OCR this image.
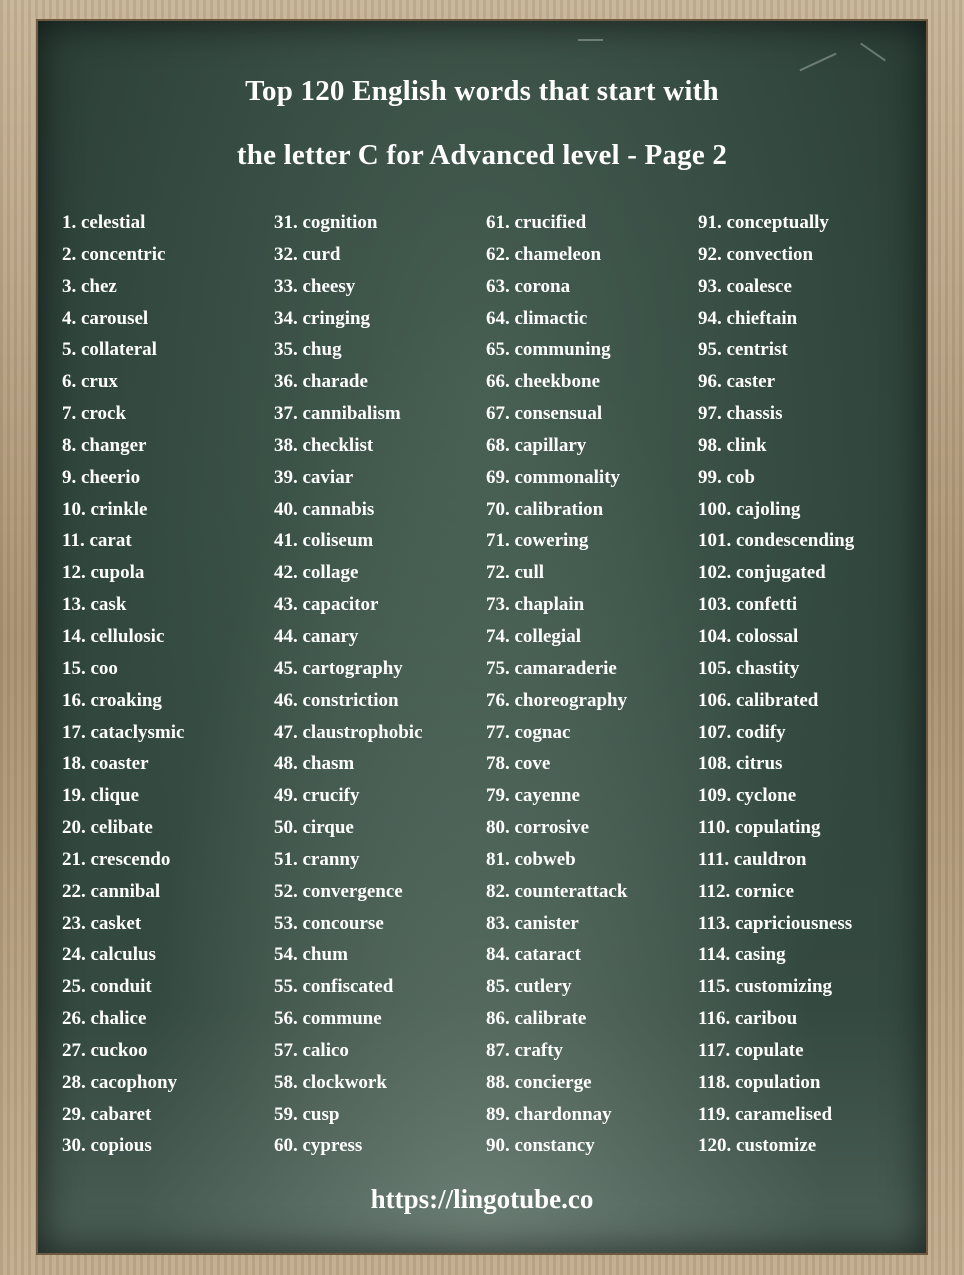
Top 120 English words that start with
the letter C for Advanced level - Page 2
1. celestial
2. concentric
3. chez
4. carousel
5. collateral
6. crux
7. crock
8. changer
9. cheerio
10. crinkle
11. carat
12. cupola
13. cask
14. cellulosic
15. coo
16. croaking
17. cataclysmic
18. coaster
19. clique
20. celibate
21. crescendo
22. cannibal
23. casket
24. calculus
25. conduit
26. chalice
27. cuckoo
28. cacophony
29. cabaret
30. copious
31. cognition
32. curd
33. cheesy
34. cringing
35. chug
36. charade
37. cannibalism
38. checklist
39. caviar
40. cannabis
41. coliseum
42. collage
43. capacitor
44. canary
45. cartography
46. constriction
47. claustrophobic
48. chasm
49. crucify
50. cirque
51. cranny
52. convergence
53. concourse
54. chum
55. confiscated
56. commune
57. calico
58. clockwork
59. cusp
60. cypress
61. crucified
62. chameleon
63. corona
64. climactic
65. communing
66. cheekbone
67. consensual
68. capillary
69. commonality
70. calibration
71. cowering
72. cull
73. chaplain
74. collegial
75. camaraderie
76. choreography
77. cognac
78. cove
79. cayenne
80. corrosive
81. cobweb
82. counterattack
83. canister
84. cataract
85. cutlery
86. calibrate
87. crafty
88. concierge
89. chardonnay
90. constancy
91. conceptually
92. convection
93. coalesce
94. chieftain
95. centrist
96. caster
97. chassis
98. clink
99. cob
100. cajoling
101. condescending
102. conjugated
103. confetti
104. colossal
105. chastity
106. calibrated
107. codify
108. citrus
109. cyclone
110. copulating
111. cauldron
112. cornice
113. capriciousness
114. casing
115. customizing
116. caribou
117. copulate
118. copulation
119. caramelised
120. customize
https://lingotube.co
